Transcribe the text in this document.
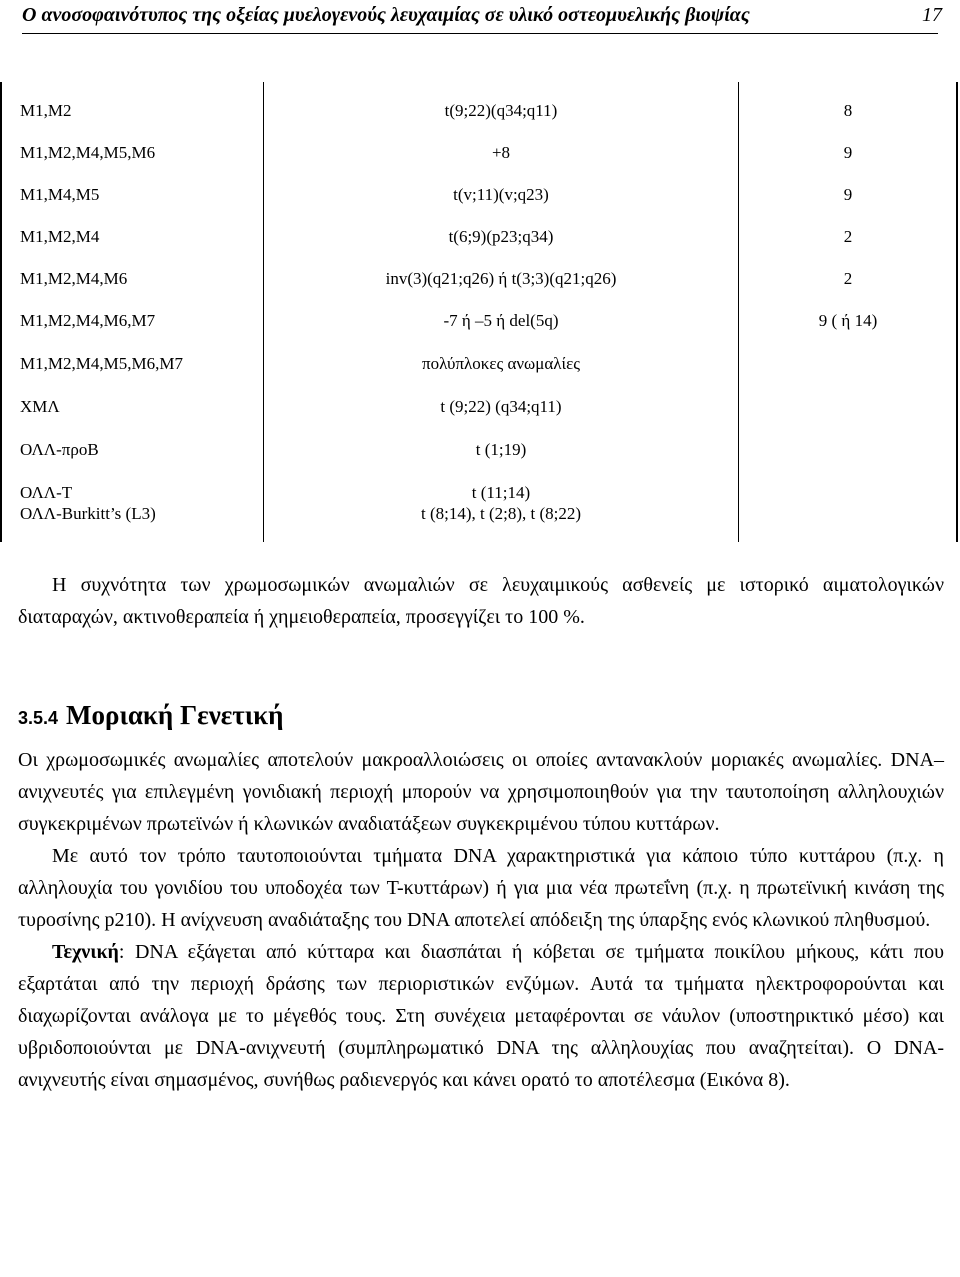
Ο ανοσοφαινότυπος της οξείας μυελογενούς λευχαιμίας σε υλικό οστεομυελικής βιοψίας	17
M1,M2	t(9;22)(q34;q11)	8
M1,M2,M4,M5,M6	+8	9
M1,M4,M5	t(v;11)(v;q23)	9
M1,M2,M4	t(6;9)(p23;q34)	2
M1,M2,M4,M6	inv(3)(q21;q26) ή t(3;3)(q21;q26)	2
M1,M2,M4,M6,M7	-7 ή –5 ή del(5q)	9 ( ή 14)
M1,M2,M4,M5,M6,M7	πολύπλοκες ανωμαλίες
ΧΜΛ	t (9;22) (q34;q11)
ΟΛΛ-προΒ	t (1;19)
ΟΛΛ-Τ	t (11;14)
ΟΛΛ-Burkitt’s (L3)	t (8;14), t (2;8), t (8;22)

Η συχνότητα των χρωμοσωμικών ανωμαλιών σε λευχαιμικούς ασθενείς με ιστορικό αιματολογικών διαταραχών, ακτινοθεραπεία ή χημειοθεραπεία, προσεγγίζει το 100 %.

3.5.4 Μοριακή Γενετική

Οι χρωμοσωμικές ανωμαλίες αποτελούν μακροαλλοιώσεις οι οποίες αντανακλούν μοριακές ανωμαλίες. DNA–ανιχνευτές για επιλεγμένη γονιδιακή περιοχή μπορούν να χρησιμοποιηθούν για την ταυτοποίηση αλληλουχιών συγκεκριμένων πρωτεϊνών ή κλωνικών αναδιατάξεων συγκεκριμένου τύπου κυττάρων.

Με αυτό τον τρόπο ταυτοποιούνται τμήματα DNA χαρακτηριστικά για κάποιο τύπο κυττάρου (π.χ. η αλληλουχία του γονιδίου του υποδοχέα των Τ-κυττάρων) ή για μια νέα πρωτεΐνη (π.χ. η πρωτεϊνική κινάση της τυροσίνης p210). Η ανίχνευση αναδιάταξης του DNA αποτελεί απόδειξη της ύπαρξης ενός κλωνικού πληθυσμού.

Τεχνική: DNA εξάγεται από κύτταρα και διασπάται ή κόβεται σε τμήματα ποικίλου μήκους, κάτι που εξαρτάται από την περιοχή δράσης των περιοριστικών ενζύμων. Αυτά τα τμήματα ηλεκτροφορούνται και διαχωρίζονται ανάλογα με το μέγεθός τους. Στη συνέχεια μεταφέρονται σε νάυλον (υποστηρικτικό μέσο) και υβριδοποιούνται με DNA-ανιχνευτή (συμπληρωματικό DNA της αλληλουχίας που αναζητείται). Ο DNA-ανιχνευτής είναι σημασμένος, συνήθως ραδιενεργός και κάνει ορατό το αποτέλεσμα (Εικόνα 8).
